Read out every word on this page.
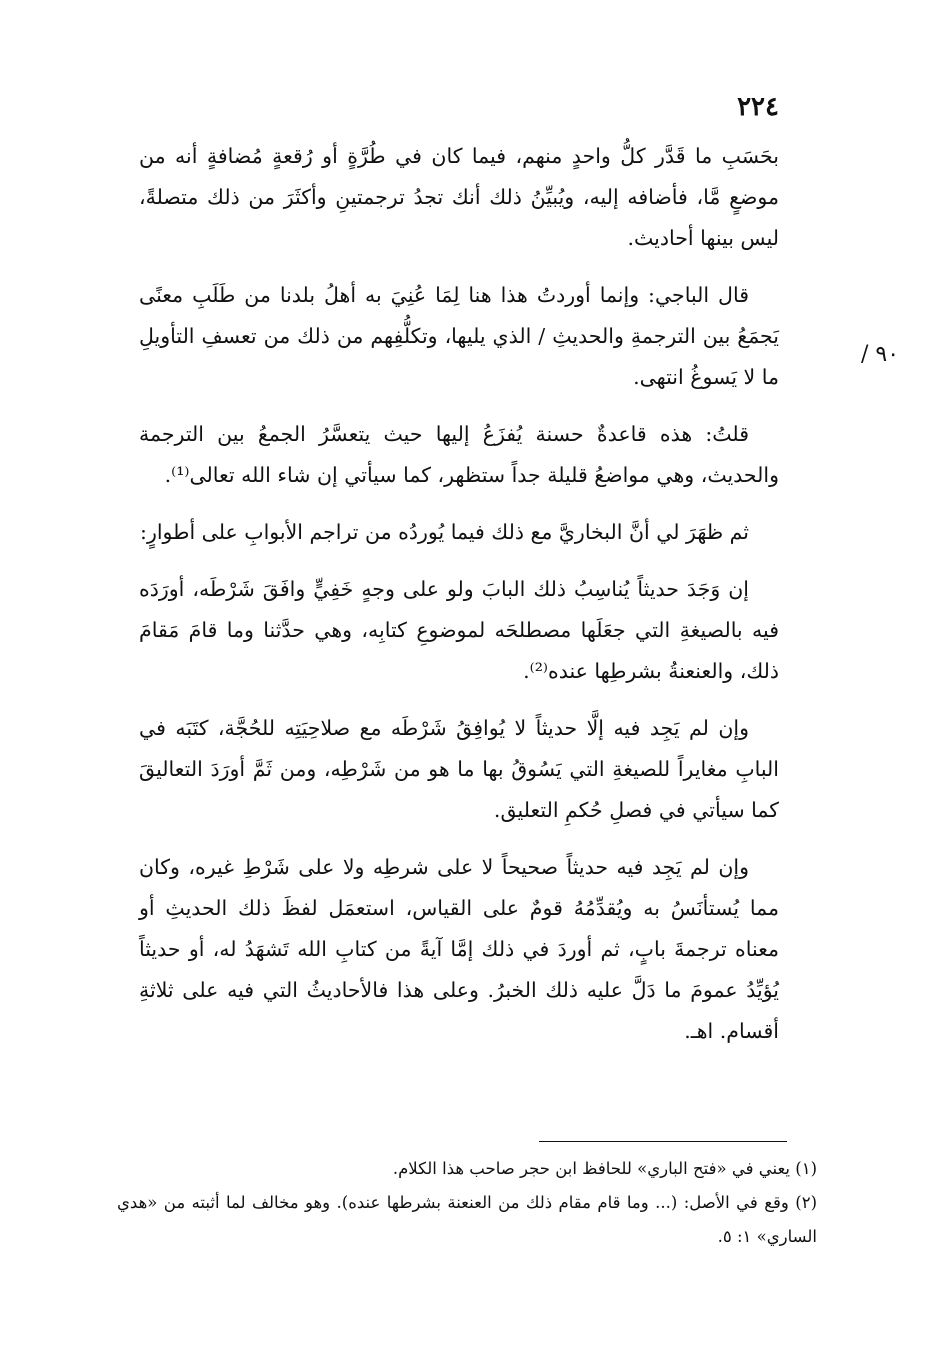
٢٢٤
/ ٩٠

بحَسَبِ ما قَدَّر كلُّ واحدٍ منهم، فيما كان في طُرَّةٍ أو رُقعةٍ مُضافةٍ أنه من موضعٍ مَّا، فأضافه إليه، ويُبيِّنُ ذلك أنك تجدُ ترجمتينِ وأكثَرَ من ذلك متصلةً، ليس بينها أحاديث.

قال الباجي: وإنما أوردتُ هذا هنا لِمَا عُنِيَ به أهلُ بلدنا من طَلَبِ معنًى يَجمَعُ بين الترجمةِ والحديثِ / الذي يليها، وتكلُّفِهم من ذلك من تعسفِ التأويلِ ما لا يَسوغُ انتهى.

قلتُ: هذه قاعدةٌ حسنة يُفزَعُ إليها حيث يتعسَّرُ الجمعُ بين الترجمة والحديث، وهي مواضعُ قليلة جداً ستظهر، كما سيأتي إن شاء الله تعالى⁽¹⁾.

ثم ظهَرَ لي أنَّ البخاريَّ مع ذلك فيما يُوردُه من تراجم الأبوابِ على أطوارٍ:

إن وَجَدَ حديثاً يُناسِبُ ذلك البابَ ولو على وجهٍ خَفِيٍّ وافَقَ شَرْطَه، أورَدَه فيه بالصيغةِ التي جعَلَها مصطلحَه لموضوعِ كتابِه، وهي حدَّثنا وما قامَ مَقامَ ذلك، والعنعنةُ بشرطِها عنده⁽²⁾.

وإن لم يَجِد فيه إلَّا حديثاً لا يُوافِقُ شَرْطَه مع صلاحِيَتِه للحُجَّة، كتَبَه في البابِ مغايراً للصيغةِ التي يَسُوقُ بها ما هو من شَرْطِه، ومن ثَمَّ أورَدَ التعاليقَ كما سيأتي في فصلِ حُكمِ التعليق.

وإن لم يَجِد فيه حديثاً صحيحاً لا على شرطِه ولا على شَرْطِ غيره، وكان مما يُستأنَسُ به ويُقدِّمُهُ قومٌ على القياس، استعمَل لفظَ ذلك الحديثِ أو معناه ترجمةَ بابٍ، ثم أوردَ في ذلك إمَّا آيةً من كتابِ الله تَشهَدُ له، أو حديثاً يُؤيِّدُ عمومَ ما دَلَّ عليه ذلك الخبرُ. وعلى هذا فالأحاديثُ التي فيه على ثلاثةِ أقسام. اهـ.

(١) يعني في «فتح الباري» للحافظ ابن حجر صاحب هذا الكلام.

(٢) وقع في الأصل: (... وما قام مقام ذلك من العنعنة بشرطها عنده). وهو مخالف لما أثبته من «هدي الساري» ١: ٥.
